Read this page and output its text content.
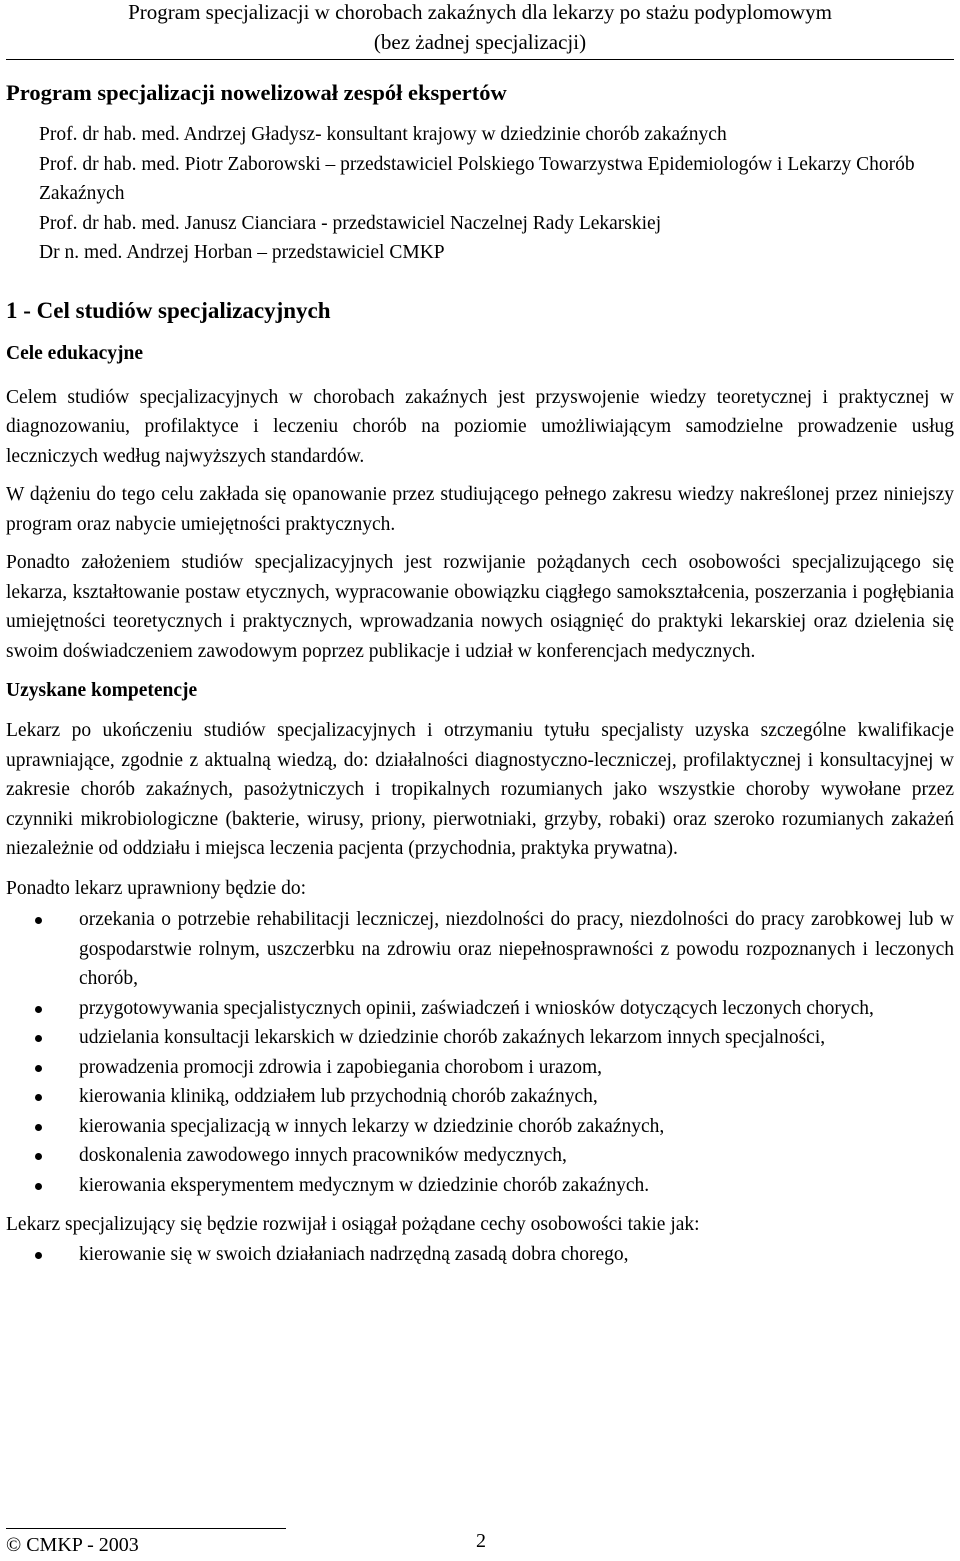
Program specjalizacji w chorobach zakaźnych dla lekarzy po stażu podyplomowym
(bez żadnej specjalizacji)
Program specjalizacji nowelizował zespół ekspertów
Prof. dr hab. med. Andrzej Gładysz- konsultant krajowy w dziedzinie chorób zakaźnych
Prof. dr hab. med. Piotr Zaborowski – przedstawiciel Polskiego Towarzystwa Epidemiologów i Lekarzy Chorób Zakaźnych
Prof. dr hab. med. Janusz Cianciara - przedstawiciel Naczelnej Rady Lekarskiej
Dr n. med. Andrzej Horban – przedstawiciel CMKP
1 - Cel studiów specjalizacyjnych
Cele edukacyjne

Celem studiów specjalizacyjnych w chorobach zakaźnych jest przyswojenie wiedzy teoretycznej i praktycznej w diagnozowaniu, profilaktyce i leczeniu chorób na poziomie umożliwiającym samodzielne prowadzenie usług leczniczych według najwyższych standardów.

W dążeniu do tego celu zakłada się opanowanie przez studiującego pełnego zakresu wiedzy nakreślonej przez niniejszy program oraz nabycie umiejętności praktycznych.

Ponadto założeniem studiów specjalizacyjnych jest rozwijanie pożądanych cech osobowości specjalizującego się lekarza, kształtowanie postaw etycznych, wypracowanie obowiązku ciągłego samokształcenia, poszerzania i pogłębiania umiejętności teoretycznych i praktycznych, wprowadzania nowych osiągnięć do praktyki lekarskiej oraz dzielenia się swoim doświadczeniem zawodowym poprzez publikacje i udział w konferencjach medycznych.

Uzyskane kompetencje

Lekarz po ukończeniu studiów specjalizacyjnych i otrzymaniu tytułu specjalisty uzyska szczególne kwalifikacje uprawniające, zgodnie z aktualną wiedzą, do: działalności diagnostyczno-leczniczej, profilaktycznej i konsultacyjnej w zakresie chorób zakaźnych, pasożytniczych i tropikalnych rozumianych jako wszystkie choroby wywołane przez czynniki mikrobiologiczne (bakterie, wirusy, priony, pierwotniaki, grzyby, robaki) oraz szeroko rozumianych zakażeń niezależnie od oddziału i miejsca leczenia pacjenta (przychodnia, praktyka prywatna).

Ponadto lekarz uprawniony będzie do:

orzekania o potrzebie rehabilitacji leczniczej, niezdolności do pracy, niezdolności do pracy zarobkowej lub w gospodarstwie rolnym, uszczerbku na zdrowiu oraz niepełnosprawności z powodu rozpoznanych i leczonych chorób,
przygotowywania specjalistycznych opinii, zaświadczeń i wniosków dotyczących leczonych chorych,
udzielania konsultacji lekarskich w dziedzinie chorób zakaźnych lekarzom innych specjalności,
prowadzenia promocji zdrowia i zapobiegania chorobom i urazom,
kierowania kliniką, oddziałem lub przychodnią chorób zakaźnych,
kierowania specjalizacją w innych lekarzy w dziedzinie chorób zakaźnych,
doskonalenia zawodowego innych pracowników medycznych,
kierowania eksperymentem medycznym w dziedzinie chorób zakaźnych.

Lekarz specjalizujący się będzie rozwijał i osiągał pożądane cechy osobowości takie jak:

kierowanie się w swoich działaniach nadrzędną zasadą dobra chorego,
© CMKP - 2003	2
